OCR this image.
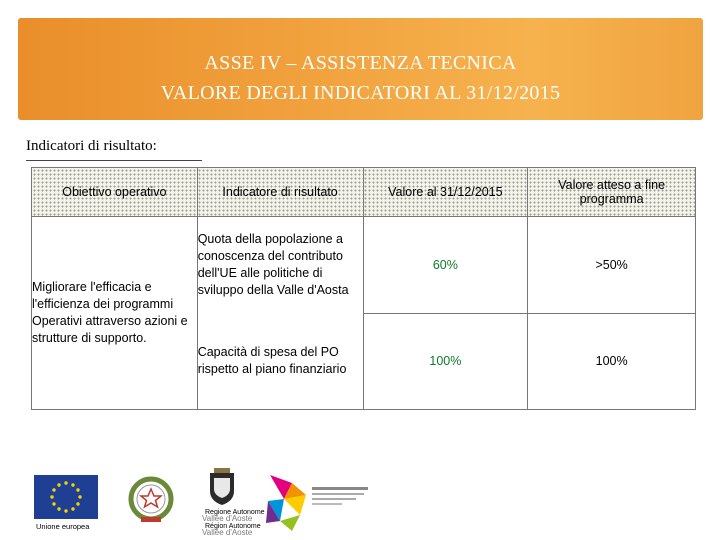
ASSE IV – ASSISTENZA TECNICA
VALORE DEGLI INDICATORI AL 31/12/2015
Indicatori di risultato:
Obiettivo operativo	Indicatore di risultato	Valore al 31/12/2015	Valore atteso a fine programma
Migliorare l'efficacia e l'efficienza dei programmi Operativi attraverso azioni e strutture di supporto.	Quota della popolazione a conoscenza del contributo dell'UE alle politiche di sviluppo della Valle d'Aosta	60%	>50%
	Capacità di spesa del PO rispetto al piano finanziario	100%	100%
Unione europea
Regione Autonome
Vallée d'Aoste
Région Autonome
Vallée d'Aoste
